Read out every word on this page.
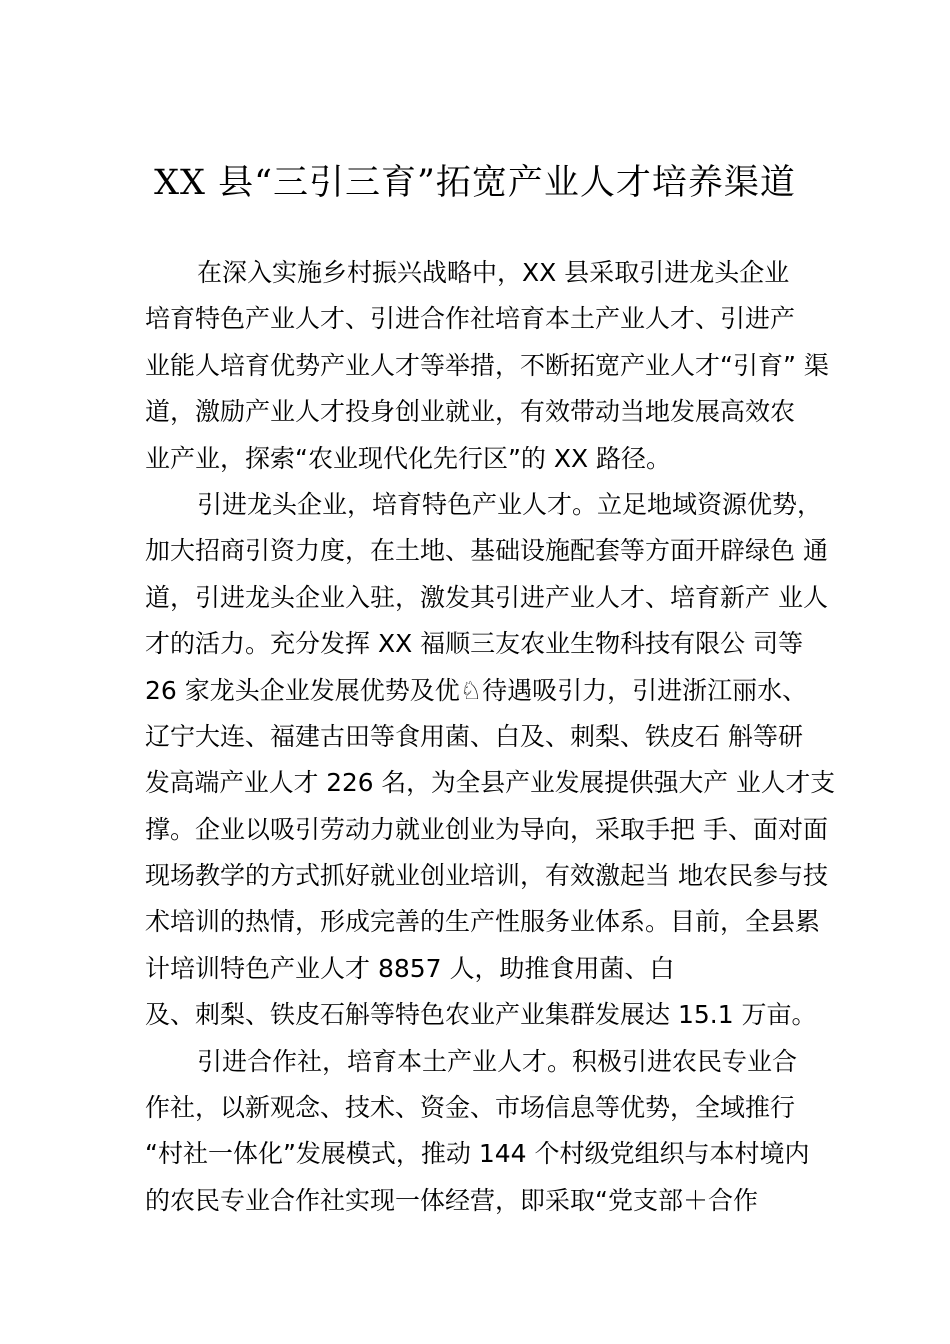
XX 县“三引三育”拓宽产业人才培养渠道
在深入实施乡村振兴战略中，XX 县采取引进龙头企业
培育特色产业人才、引进合作社培育本土产业人才、引进产
业能人培育优势产业人才等举措，不断拓宽产业人才“引育” 渠
道，激励产业人才投身创业就业，有效带动当地发展高效农
业产业，探索“农业现代化先行区”的 XX 路径。
引进龙头企业，培育特色产业人才。立足地域资源优势，
加大招商引资力度，在土地、基础设施配套等方面开辟绿色 通
道，引进龙头企业入驻，激发其引进产业人才、培育新产 业人
才的活力。充分发挥 XX 福顺三友农业生物科技有限公 司等
26 家龙头企业发展优势及优♘待遇吸引力，引进浙江丽水、
辽宁大连、福建古田等食用菌、白及、刺梨、铁皮石 斛等研
发高端产业人才 226 名，为全县产业发展提供强大产 业人才支
撑。企业以吸引劳动力就业创业为导向，采取手把 手、面对面
现场教学的方式抓好就业创业培训，有效激起当 地农民参与技
术培训的热情，形成完善的生产性服务业体系。目前，全县累
计培训特色产业人才 8857 人，助推食用菌、白
及、刺梨、铁皮石斛等特色农业产业集群发展达 15.1 万亩。
引进合作社，培育本土产业人才。积极引进农民专业合
作社，以新观念、技术、资金、市场信息等优势，全域推行
“村社一体化”发展模式，推动 144 个村级党组织与本村境内
的农民专业合作社实现一体经营，即采取“党支部＋合作
